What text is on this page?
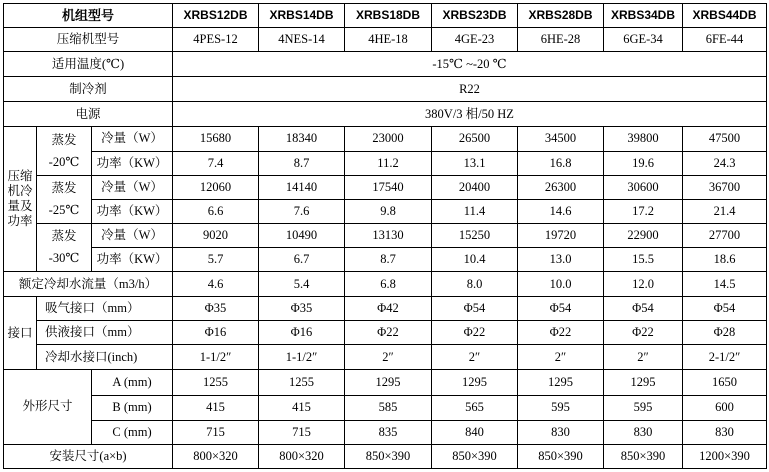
机组型号			XRBS12DB	XRBS14DB	XRBS18DB	XRBS23DB	XRBS28DB	XRBS34DB	XRBS44DB
压缩机型号			4PES-12	4NES-14	4HE-18	4GE-23	6HE-28	6GE-34	6FE-44
适用温度(℃)			-15℃ ~-20 ℃						
制冷剂			R22						
电源			380V/3 相/50 HZ						
压缩机冷量及功率	蒸发
-20℃	冷量（W）	15680	18340	23000	26500	34500	39800	47500
		功率（KW）	7.4	8.7	11.2	13.1	16.8	19.6	24.3
	蒸发
-25℃	冷量（W）	12060	14140	17540	20400	26300	30600	36700
		功率（KW）	6.6	7.6	9.8	11.4	14.6	17.2	21.4
	蒸发
-30℃	冷量（W）	9020	10490	13130	15250	19720	22900	27700
		功率（KW）	5.7	6.7	8.7	10.4	13.0	15.5	18.6
额定冷却水流量（m3/h）			4.6	5.4	6.8	8.0	10.0	12.0	14.5
接口	吸气接口（mm）		Φ35	Φ35	Φ42	Φ54	Φ54	Φ54	Φ54
	供液接口（mm）		Φ16	Φ16	Φ22	Φ22	Φ22	Φ22	Φ28
	冷却水接口(inch)		1-1/2″	1-1/2″	2″	2″	2″	2″	2-1/2″
外形尺寸		A (mm)	1255	1255	1295	1295	1295	1295	1650
		B (mm)	415	415	585	565	595	595	600
		C (mm)	715	715	835	840	830	830	830
安装尺寸(a×b)			800×320	800×320	850×390	850×390	850×390	850×390	1200×390
